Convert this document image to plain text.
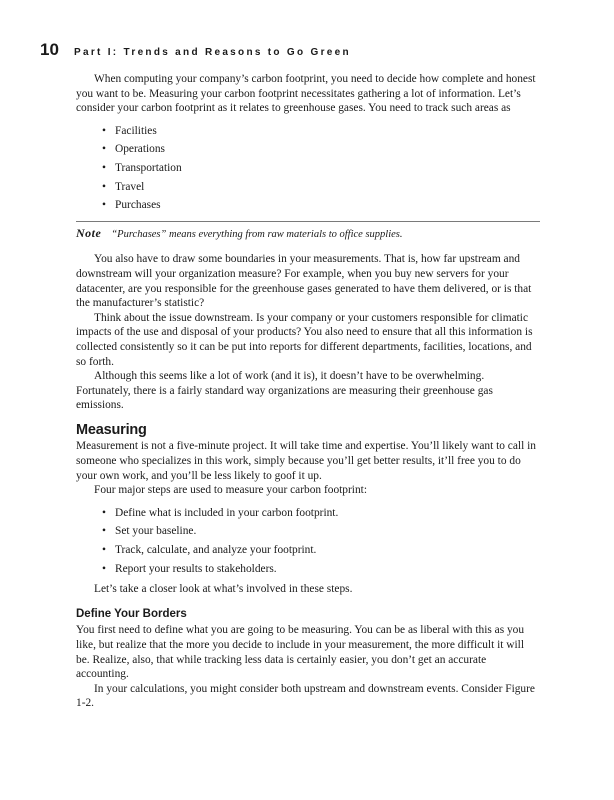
10	Part I: Trends and Reasons to Go Green

When computing your company’s carbon footprint, you need to decide how complete and honest you want to be. Measuring your carbon footprint necessitates gathering a lot of information. Let’s consider your carbon footprint as it relates to greenhouse gases. You need to track such areas as

• Facilities
• Operations
• Transportation
• Travel
• Purchases
Note “Purchases” means everything from raw materials to office supplies.

You also have to draw some boundaries in your measurements. That is, how far upstream and downstream will your organization measure? For example, when you buy new servers for your datacenter, are you responsible for the greenhouse gases generated to have them delivered, or is that the manufacturer’s statistic?

Think about the issue downstream. Is your company or your customers responsible for climatic impacts of the use and disposal of your products? You also need to ensure that all this information is collected consistently so it can be put into reports for different departments, facilities, locations, and so forth.

Although this seems like a lot of work (and it is), it doesn’t have to be overwhelming. Fortunately, there is a fairly standard way organizations are measuring their greenhouse gas emissions.

Measuring

Measurement is not a five-minute project. It will take time and expertise. You’ll likely want to call in someone who specializes in this work, simply because you’ll get better results, it’ll free you to do your own work, and you’ll be less likely to goof it up.

Four major steps are used to measure your carbon footprint:

• Define what is included in your carbon footprint.
• Set your baseline.
• Track, calculate, and analyze your footprint.
• Report your results to stakeholders.

Let’s take a closer look at what’s involved in these steps.

Define Your Borders

You first need to define what you are going to be measuring. You can be as liberal with this as you like, but realize that the more you decide to include in your measurement, the more difficult it will be. Realize, also, that while tracking less data is certainly easier, you don’t get an accurate accounting.

In your calculations, you might consider both upstream and downstream events. Consider Figure 1-2.
